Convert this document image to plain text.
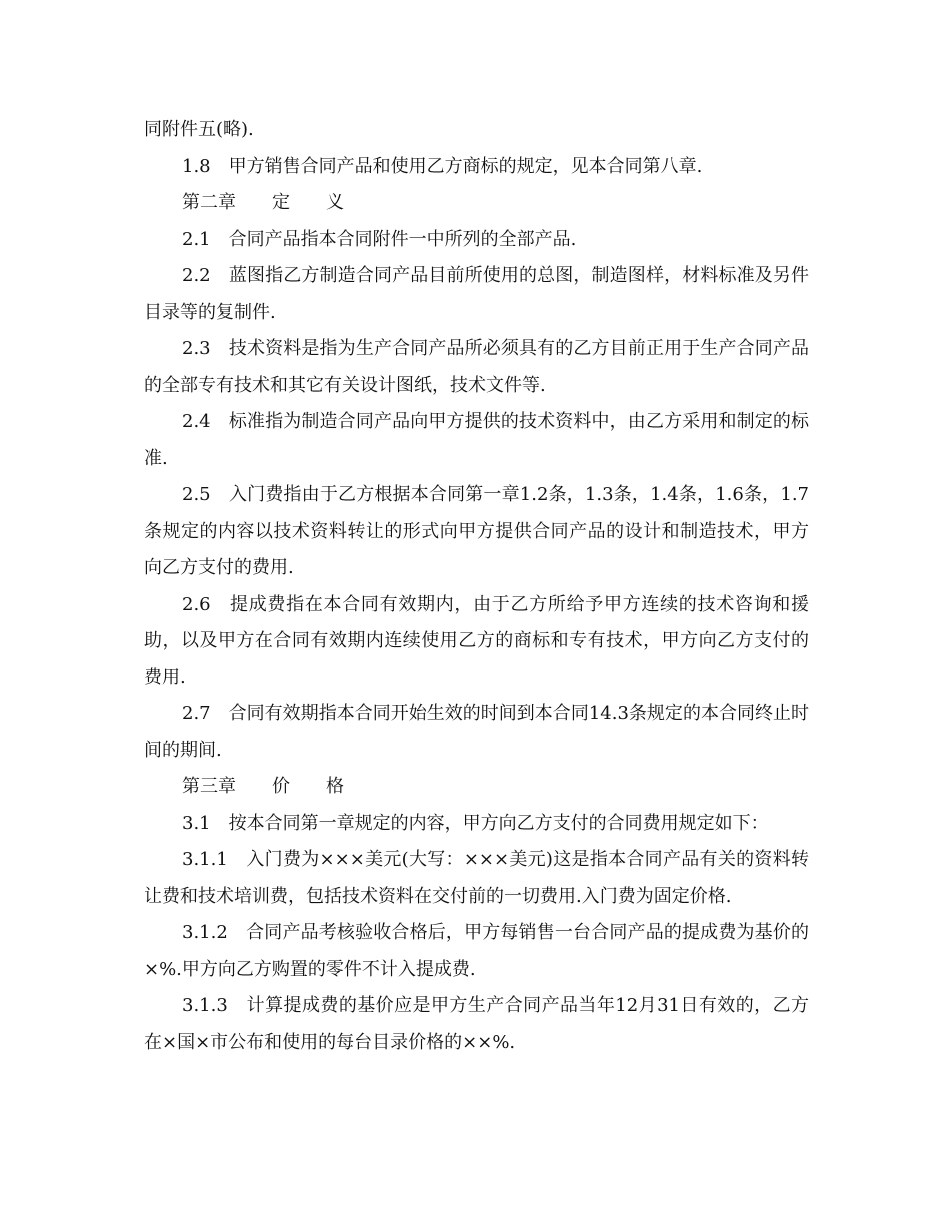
同附件五(略).

1.8　甲方销售合同产品和使用乙方商标的规定，见本合同第八章.

第二章　　定　　义

2.1　合同产品指本合同附件一中所列的全部产品.

2.2　蓝图指乙方制造合同产品目前所使用的总图，制造图样，材料标准及另件目录等的复制件.

2.3　技术资料是指为生产合同产品所必须具有的乙方目前正用于生产合同产品的全部专有技术和其它有关设计图纸，技术文件等.

2.4　标准指为制造合同产品向甲方提供的技术资料中，由乙方采用和制定的标准.

2.5　入门费指由于乙方根据本合同第一章1.2条，1.3条，1.4条，1.6条，1.7条规定的内容以技术资料转让的形式向甲方提供合同产品的设计和制造技术，甲方向乙方支付的费用.

2.6　提成费指在本合同有效期内，由于乙方所给予甲方连续的技术咨询和援助，以及甲方在合同有效期内连续使用乙方的商标和专有技术，甲方向乙方支付的费用.

2.7　合同有效期指本合同开始生效的时间到本合同14.3条规定的本合同终止时间的期间.

第三章　　价　　格

3.1　按本合同第一章规定的内容，甲方向乙方支付的合同费用规定如下：

3.1.1　入门费为×××美元(大写：×××美元)这是指本合同产品有关的资料转让费和技术培训费，包括技术资料在交付前的一切费用.入门费为固定价格.

3.1.2　合同产品考核验收合格后，甲方每销售一台合同产品的提成费为基价的×%.甲方向乙方购置的零件不计入提成费.

3.1.3　计算提成费的基价应是甲方生产合同产品当年12月31日有效的，乙方在×国×市公布和使用的每台目录价格的××%.
